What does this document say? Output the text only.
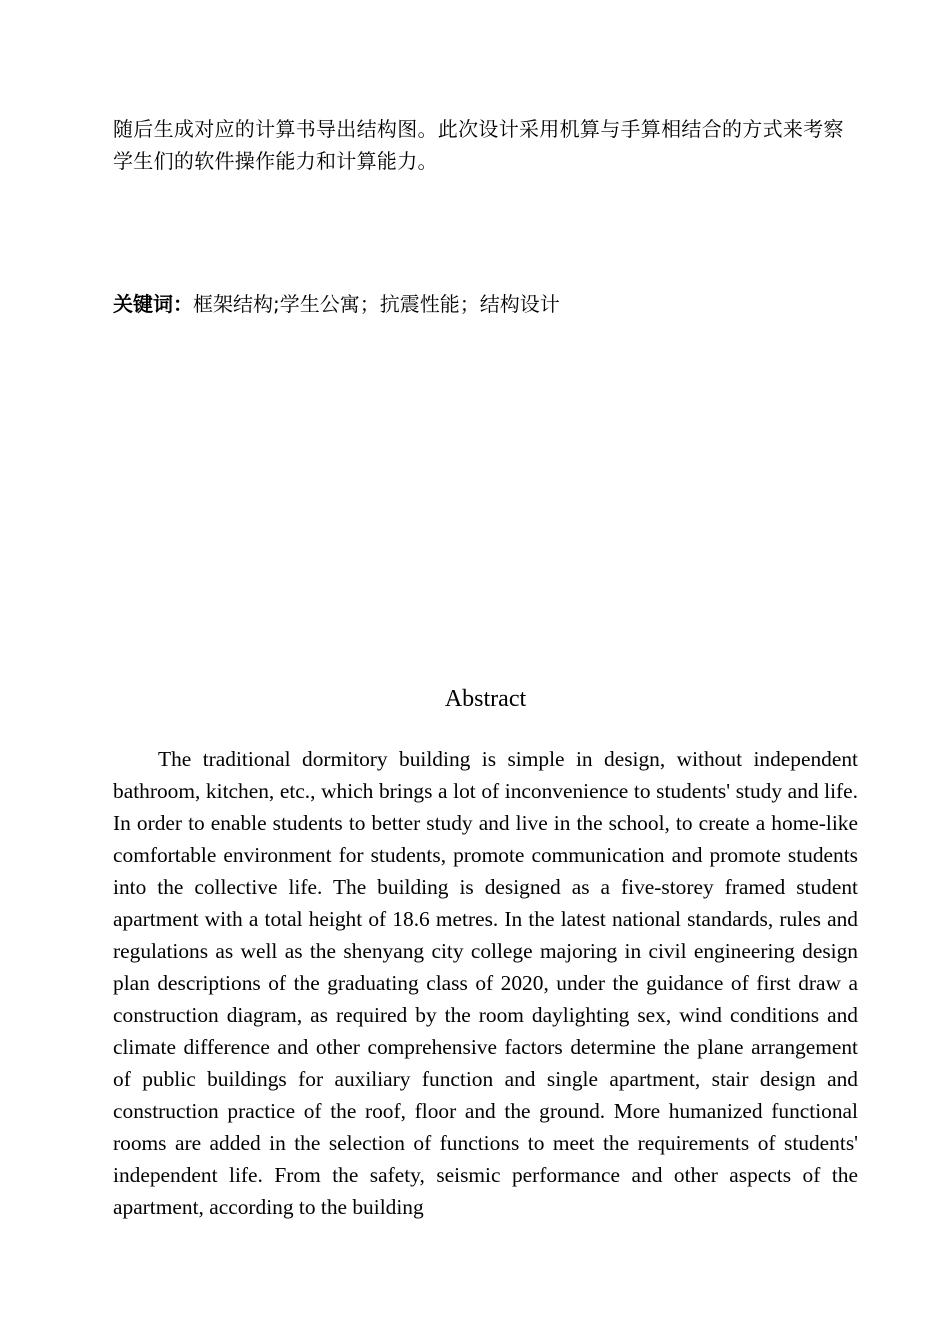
随后生成对应的计算书导出结构图。此次设计采用机算与手算相结合的方式来考察学生们的软件操作能力和计算能力。

关键词：框架结构;学生公寓；抗震性能；结构设计

Abstract

The traditional dormitory building is simple in design, without independent bathroom, kitchen, etc., which brings a lot of inconvenience to students' study and life. In order to enable students to better study and live in the school, to create a home-like comfortable environment for students, promote communication and promote students into the collective life. The building is designed as a five-storey framed student apartment with a total height of 18.6 metres. In the latest national standards, rules and regulations as well as the shenyang city college majoring in civil engineering design plan descriptions of the graduating class of 2020, under the guidance of first draw a construction diagram, as required by the room daylighting sex, wind conditions and climate difference and other comprehensive factors determine the plane arrangement of public buildings for auxiliary function and single apartment, stair design and construction practice of the roof, floor and the ground. More humanized functional rooms are added in the selection of functions to meet the requirements of students' independent life. From the safety, seismic performance and other aspects of the apartment, according to the building
